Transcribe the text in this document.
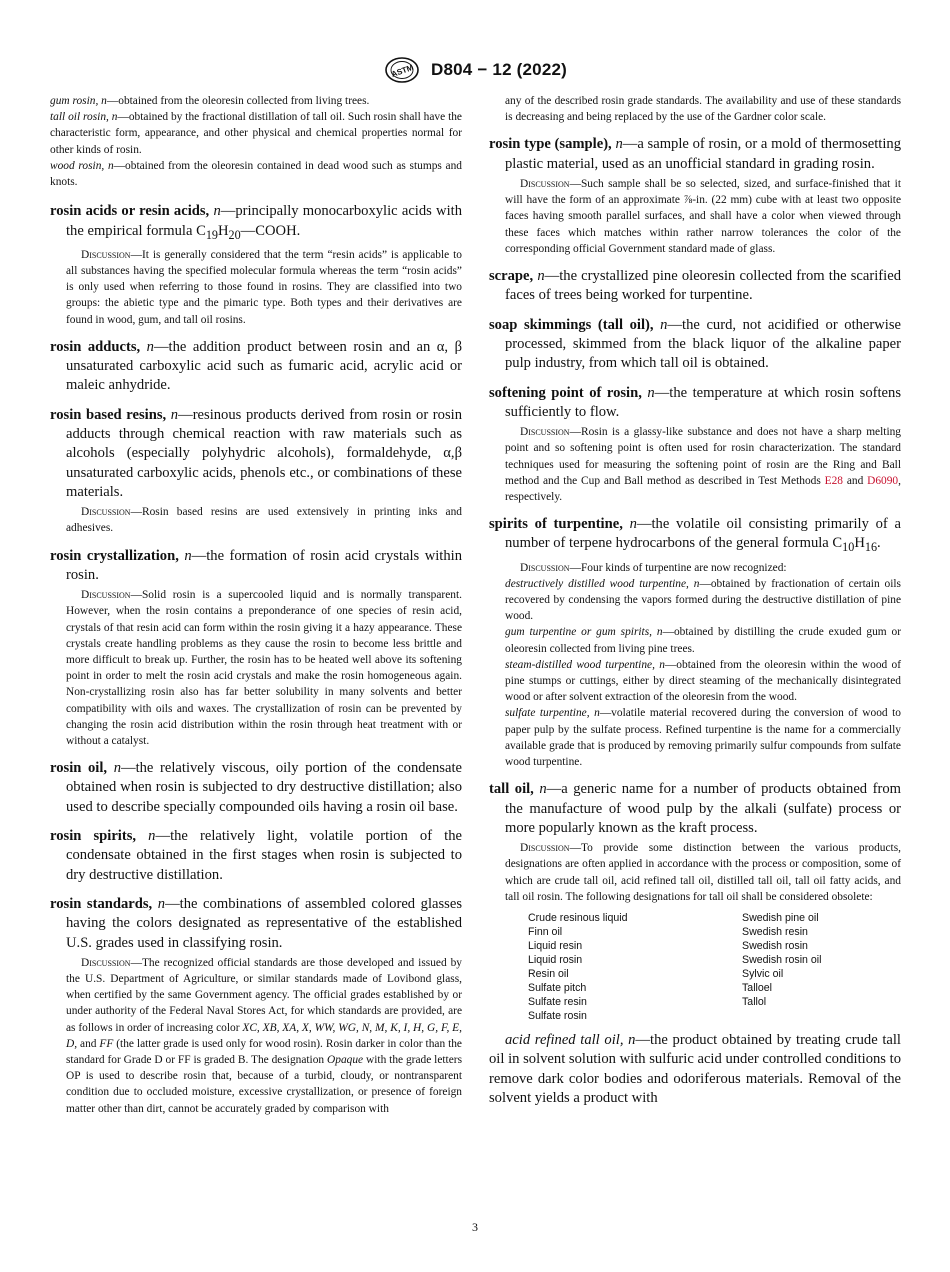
ASTM D804 − 12 (2022)

gum rosin, n—obtained from the oleoresin collected from living trees.

tall oil rosin, n—obtained by the fractional distillation of tall oil. Such rosin shall have the characteristic form, appearance, and other physical and chemical properties normal for other kinds of rosin.

wood rosin, n—obtained from the oleoresin contained in dead wood such as stumps and knots.

rosin acids or resin acids, n—principally monocarboxylic acids with the empirical formula $C_{19}H_{20}—COOH$.

Discussion—It is generally considered that the term “resin acids” is applicable to all substances having the specified molecular formula whereas the term “rosin acids” is only used when referring to those found in rosins. They are classified into two groups: the abietic type and the pimaric type. Both types and their derivatives are found in wood, gum, and tall oil rosins.

rosin adducts, n—the addition product between rosin and an α, β unsaturated carboxylic acid such as fumaric acid, acrylic acid or maleic anhydride.

rosin based resins, n—resinous products derived from rosin or rosin adducts through chemical reaction with raw materials such as alcohols (especially polyhydric alcohols), formaldehyde, α,β unsaturated carboxylic acids, phenols etc., or combinations of these materials.

Discussion—Rosin based resins are used extensively in printing inks and adhesives.

rosin crystallization, n—the formation of rosin acid crystals within rosin.

Discussion—Solid rosin is a supercooled liquid and is normally transparent. However, when the rosin contains a preponderance of one species of resin acid, crystals of that resin acid can form within the rosin giving it a hazy appearance. These crystals create handling problems as they cause the rosin to become less brittle and more difficult to break up. Further, the rosin has to be heated well above its softening point in order to melt the rosin acid crystals and make the rosin homogeneous again. Non-crystallizing rosin also has far better solubility in many solvents and better compatibility with oils and waxes. The crystallization of rosin can be prevented by changing the rosin acid distribution within the rosin through heat treatment with or without a catalyst.

rosin oil, n—the relatively viscous, oily portion of the condensate obtained when rosin is subjected to dry destructive distillation; also used to describe specially compounded oils having a rosin oil base.

rosin spirits, n—the relatively light, volatile portion of the condensate obtained in the first stages when rosin is subjected to dry destructive distillation.

rosin standards, n—the combinations of assembled colored glasses having the colors designated as representative of the established U.S. grades used in classifying rosin.

Discussion—The recognized official standards are those developed and issued by the U.S. Department of Agriculture, or similar standards made of Lovibond glass, when certified by the same Government agency. The official grades established by or under authority of the Federal Naval Stores Act, for which standards are provided, are as follows in order of increasing color XC, XB, XA, X, WW, WG, N, M, K, I, H, G, F, E, D, and FF (the latter grade is used only for wood rosin). Rosin darker in color than the standard for Grade D or FF is graded B. The designation Opaque with the grade letters OP is used to describe rosin that, because of a turbid, cloudy, or nontransparent condition due to occluded moisture, excessive crystallization, or presence of foreign matter other than dirt, cannot be accurately graded by comparison with

any of the described rosin grade standards. The availability and use of these standards is decreasing and being replaced by the use of the Gardner color scale.

rosin type (sample), n—a sample of rosin, or a mold of thermosetting plastic material, used as an unofficial standard in grading rosin.

Discussion—Such sample shall be so selected, sized, and surface-finished that it will have the form of an approximate ⅞-in. (22 mm) cube with at least two opposite faces having smooth parallel surfaces, and shall have a color when viewed through these faces which matches within rather narrow tolerances the color of the corresponding official Government standard made of glass.

scrape, n—the crystallized pine oleoresin collected from the scarified faces of trees being worked for turpentine.

soap skimmings (tall oil), n—the curd, not acidified or otherwise processed, skimmed from the black liquor of the alkaline paper pulp industry, from which tall oil is obtained.

softening point of rosin, n—the temperature at which rosin softens sufficiently to flow.

Discussion—Rosin is a glassy-like substance and does not have a sharp melting point and so softening point is often used for rosin characterization. The standard techniques used for measuring the softening point of rosin are the Ring and Ball method and the Cup and Ball method as described in Test Methods E28 and D6090, respectively.

spirits of turpentine, n—the volatile oil consisting primarily of a number of terpene hydrocarbons of the general formula $C_{10}H_{16}$.

Discussion—Four kinds of turpentine are now recognized:

destructively distilled wood turpentine, n—obtained by fractionation of certain oils recovered by condensing the vapors formed during the destructive distillation of pine wood.

gum turpentine or gum spirits, n—obtained by distilling the crude exuded gum or oleoresin collected from living pine trees.

steam-distilled wood turpentine, n—obtained from the oleoresin within the wood of pine stumps or cuttings, either by direct steaming of the mechanically disintegrated wood or after solvent extraction of the oleoresin from the wood.

sulfate turpentine, n—volatile material recovered during the conversion of wood to paper pulp by the sulfate process. Refined turpentine is the name for a commercially available grade that is produced by removing primarily sulfur compounds from sulfate wood turpentine.

tall oil, n—a generic name for a number of products obtained from the manufacture of wood pulp by the alkali (sulfate) process or more popularly known as the kraft process.

Discussion—To provide some distinction between the various products, designations are often applied in accordance with the process or composition, some of which are crude tall oil, acid refined tall oil, distilled tall oil, tall oil fatty acids, and tall oil rosin. The following designations for tall oil shall be considered obsolete:

Crude resinous liquid	Swedish pine oil
Finn oil	Swedish resin
Liquid resin	Swedish rosin
Liquid rosin	Swedish rosin oil
Resin oil	Sylvic oil
Sulfate pitch	Talloel
Sulfate resin	Tallol
Sulfate rosin

acid refined tall oil, n—the product obtained by treating crude tall oil in solvent solution with sulfuric acid under controlled conditions to remove dark color bodies and odoriferous materials. Removal of the solvent yields a product with

3
